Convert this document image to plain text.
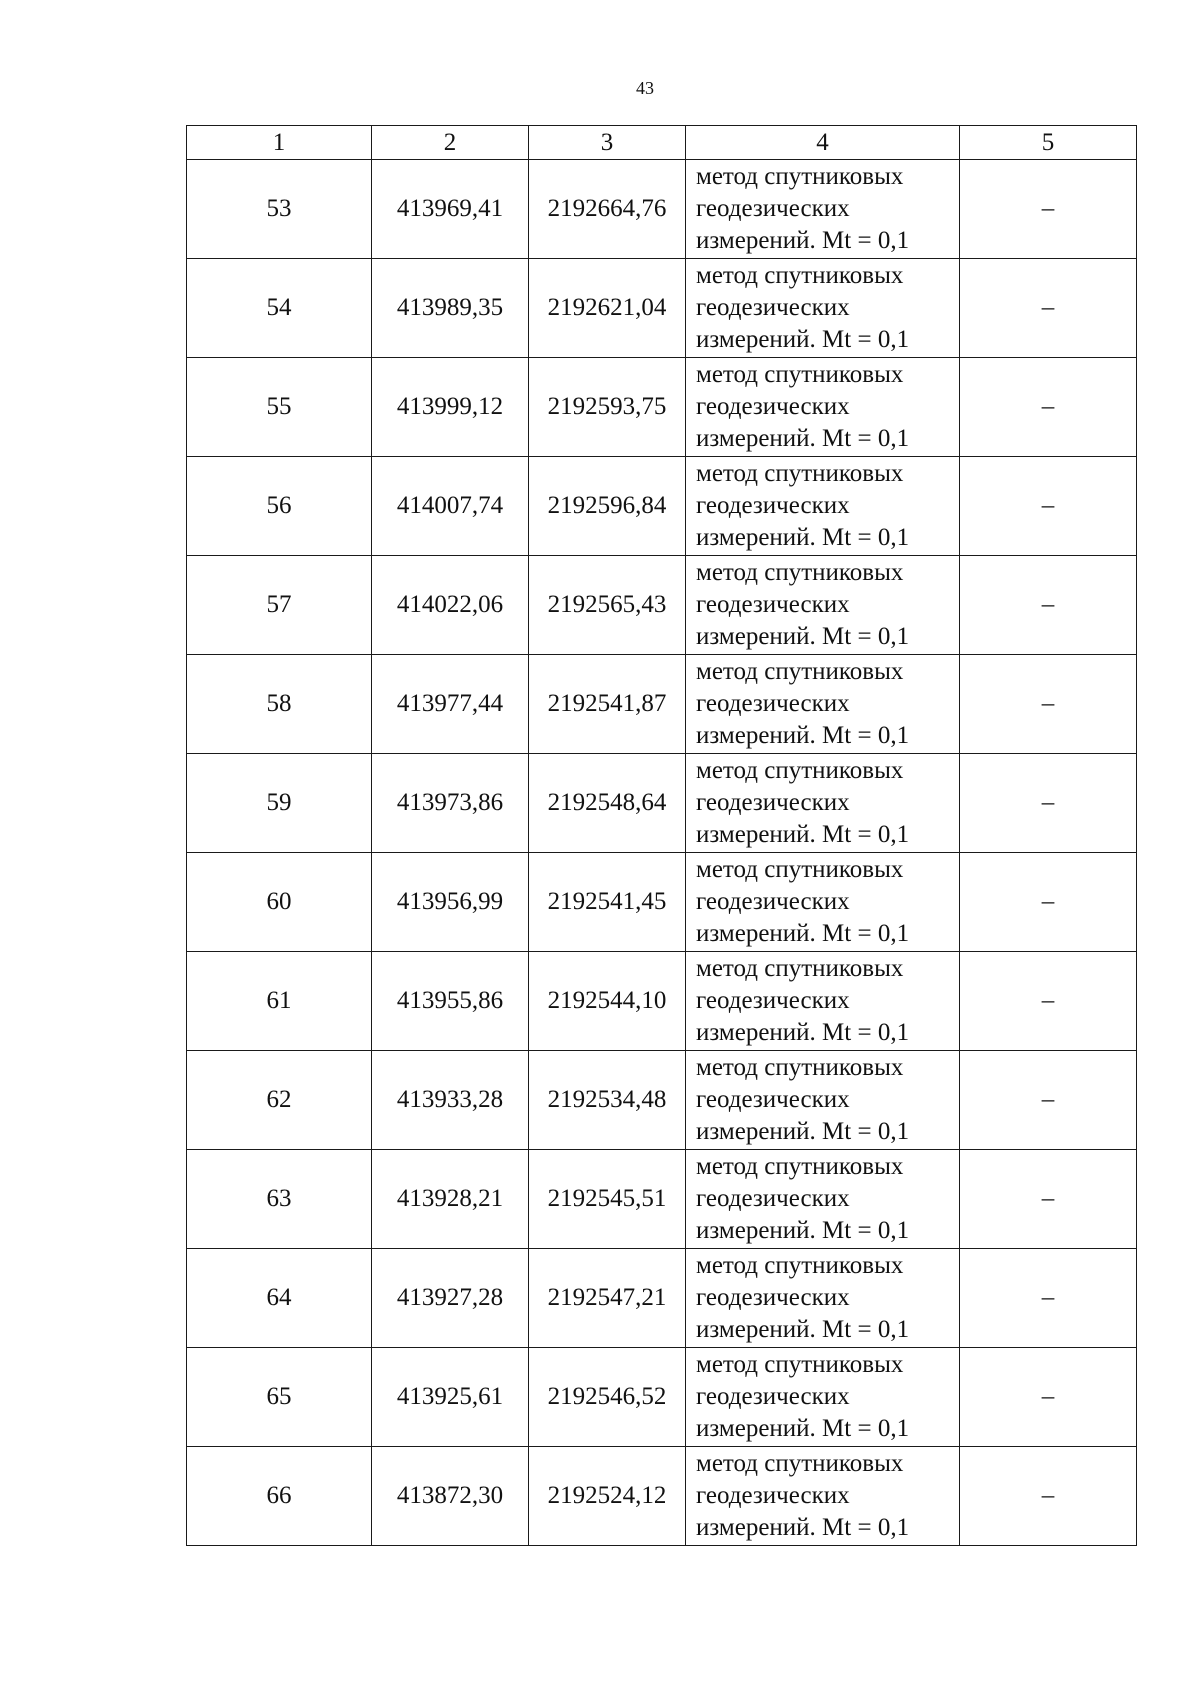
43
1	2	3	4	5
53	413969,41	2192664,76	метод спутниковых
геодезических
измерений. Mt = 0,1	–
54	413989,35	2192621,04	метод спутниковых
геодезических
измерений. Mt = 0,1	–
55	413999,12	2192593,75	метод спутниковых
геодезических
измерений. Mt = 0,1	–
56	414007,74	2192596,84	метод спутниковых
геодезических
измерений. Mt = 0,1	–
57	414022,06	2192565,43	метод спутниковых
геодезических
измерений. Mt = 0,1	–
58	413977,44	2192541,87	метод спутниковых
геодезических
измерений. Mt = 0,1	–
59	413973,86	2192548,64	метод спутниковых
геодезических
измерений. Mt = 0,1	–
60	413956,99	2192541,45	метод спутниковых
геодезических
измерений. Mt = 0,1	–
61	413955,86	2192544,10	метод спутниковых
геодезических
измерений. Mt = 0,1	–
62	413933,28	2192534,48	метод спутниковых
геодезических
измерений. Mt = 0,1	–
63	413928,21	2192545,51	метод спутниковых
геодезических
измерений. Mt = 0,1	–
64	413927,28	2192547,21	метод спутниковых
геодезических
измерений. Mt = 0,1	–
65	413925,61	2192546,52	метод спутниковых
геодезических
измерений. Mt = 0,1	–
66	413872,30	2192524,12	метод спутниковых
геодезических
измерений. Mt = 0,1	–
